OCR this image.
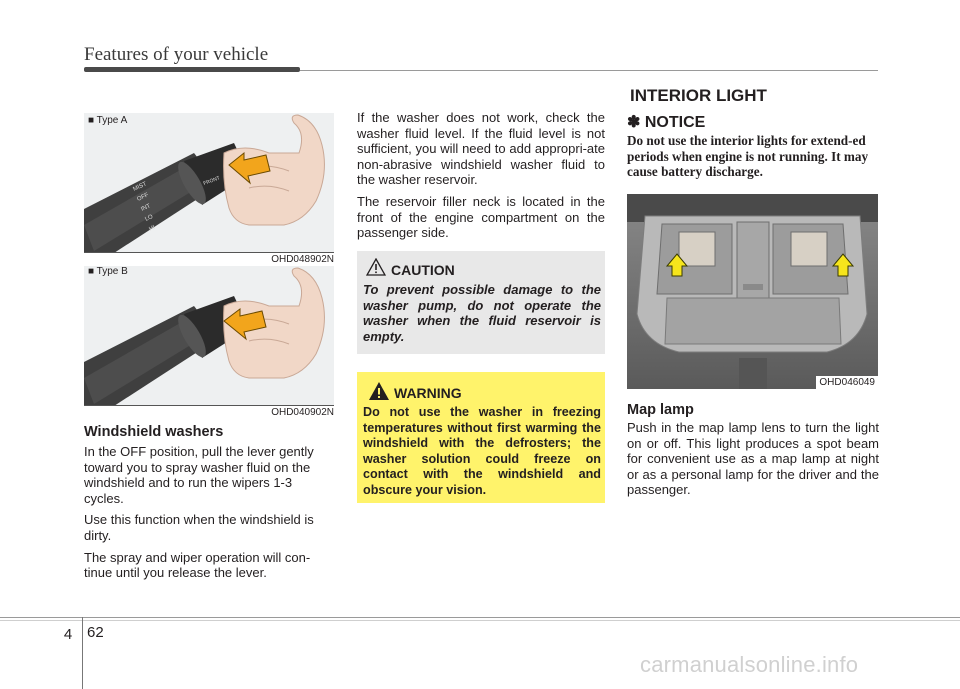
Features of your vehicle
MIST
OFF
INT
LO
HI
FRONT
■ Type A
OHD048902N
■ Type B
OHD040902N
Windshield washers

In the OFF position, pull the lever gently toward you to spray washer fluid on the windshield and to run the wipers 1-3 cycles.

Use this function when the windshield is dirty.

The spray and wiper operation will con-tinue until you release the lever.

If the washer does not work, check the washer fluid level. If the fluid level is not sufficient, you will need to add appropri-ate non-abrasive windshield washer fluid to the washer reservoir.

The reservoir filler neck is located in the front of the engine compartment on the passenger side.

CAUTION
To prevent possible damage to the washer pump, do not operate the washer when the fluid reservoir is empty.
WARNING
Do not use the washer in freezing temperatures without first warming the windshield with the defrosters; the washer solution could freeze on contact with the windshield and obscure your vision.
INTERIOR LIGHT
✽ NOTICE
Do not use the interior lights for extend-ed periods when engine is not running. It may cause battery discharge.
OHD046049
Map lamp
Push in the map lamp lens to turn the light on or off. This light produces a spot beam for convenient use as a map lamp at night or as a personal lamp for the driver and the passenger.
4 62
carmanualsonline.info
